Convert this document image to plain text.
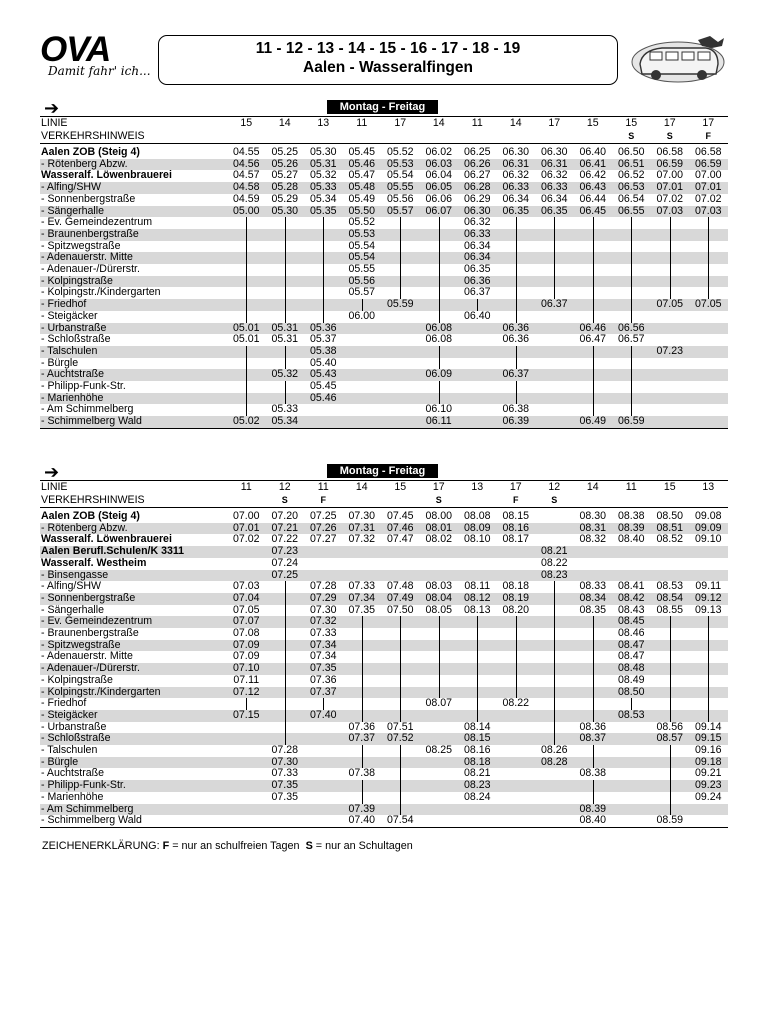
OVA
Damit fahr' ich...
11 - 12 - 13 - 14 - 15 - 16 - 17 - 18 - 19
Aalen - Wasseralfingen
➔	Montag - Freitag
LINIE	15	14	13	11	17	14	11	14	17	15	15	17	17
VERKEHRSHINWEIS											S	S	F

Aalen ZOB (Steig 4)	04.55	05.25	05.30	05.45	05.52	06.02	06.25	06.30	06.30	06.40	06.50	06.58	06.58
- Rötenberg Abzw.	04.56	05.26	05.31	05.46	05.53	06.03	06.26	06.31	06.31	06.41	06.51	06.59	06.59
Wasseralf. Löwenbrauerei	04.57	05.27	05.32	05.47	05.54	06.04	06.27	06.32	06.32	06.42	06.52	07.00	07.00
- Alfing/SHW	04.58	05.28	05.33	05.48	05.55	06.05	06.28	06.33	06.33	06.43	06.53	07.01	07.01
- Sonnenbergstraße	04.59	05.29	05.34	05.49	05.56	06.06	06.29	06.34	06.34	06.44	06.54	07.02	07.02
- Sängerhalle	05.00	05.30	05.35	05.50	05.57	06.07	06.30	06.35	06.35	06.45	06.55	07.03	07.03
- Ev. Gemeindezentrum				05.52			06.32						
- Braunenbergstraße				05.53			06.33						
- Spitzwegstraße				05.54			06.34						
- Adenauerstr. Mitte				05.54			06.34						
- Adenauer-/Dürerstr.				05.55			06.35						
- Kolpingstraße				05.56			06.36						
- Kolpingstr./Kindergarten				05.57			06.37						
- Friedhof					05.59				06.37			07.05	07.05
- Steigäcker				06.00			06.40						
- Urbanstraße	05.01	05.31	05.36			06.08		06.36		06.46	06.56		
- Schloßstraße	05.01	05.31	05.37			06.08		06.36		06.47	06.57		
- Talschulen			05.38									07.23	
- Bürgle			05.40										
- Auchtstraße		05.32	05.43			06.09		06.37					
- Philipp-Funk-Str.			05.45										
- Marienhöhe			05.46										
- Am Schimmelberg		05.33				06.10		06.38					
- Schimmelberg Wald	05.02	05.34				06.11		06.39		06.49	06.59		
➔	Montag - Freitag
LINIE	11	12	11	14	15	17	13	17	12	14	11	15	13
VERKEHRSHINWEIS		S	F			S		F	S				

Aalen ZOB (Steig 4)	07.00	07.20	07.25	07.30	07.45	08.00	08.08	08.15		08.30	08.38	08.50	09.08
- Rötenberg Abzw.	07.01	07.21	07.26	07.31	07.46	08.01	08.09	08.16		08.31	08.39	08.51	09.09
Wasseralf. Löwenbrauerei	07.02	07.22	07.27	07.32	07.47	08.02	08.10	08.17		08.32	08.40	08.52	09.10
Aalen Berufl.Schulen/K 3311		07.23							08.21				
Wasseralf. Westheim		07.24							08.22				
- Binsengasse		07.25							08.23				
- Alfing/SHW	07.03		07.28	07.33	07.48	08.03	08.11	08.18		08.33	08.41	08.53	09.11
- Sonnenbergstraße	07.04		07.29	07.34	07.49	08.04	08.12	08.19		08.34	08.42	08.54	09.12
- Sängerhalle	07.05		07.30	07.35	07.50	08.05	08.13	08.20		08.35	08.43	08.55	09.13
- Ev. Gemeindezentrum	07.07		07.32								08.45		
- Braunenbergstraße	07.08		07.33								08.46		
- Spitzwegstraße	07.09		07.34								08.47		
- Adenauerstr. Mitte	07.09		07.34								08.47		
- Adenauer-/Dürerstr.	07.10		07.35								08.48		
- Kolpingstraße	07.11		07.36								08.49		
- Kolpingstr./Kindergarten	07.12		07.37								08.50		
- Friedhof						08.07		08.22					
- Steigäcker	07.15		07.40								08.53		
- Urbanstraße				07.36	07.51		08.14			08.36		08.56	09.14
- Schloßstraße				07.37	07.52		08.15			08.37		08.57	09.15
- Talschulen		07.28				08.25	08.16		08.26				09.16
- Bürgle		07.30					08.18		08.28				09.18
- Auchtstraße		07.33		07.38			08.21			08.38			09.21
- Philipp-Funk-Str.		07.35					08.23						09.23
- Marienhöhe		07.35					08.24						09.24
- Am Schimmelberg				07.39						08.39			
- Schimmelberg Wald				07.40	07.54					08.40		08.59	
ZEICHENERKLÄRUNG: F = nur an schulfreien Tagen S = nur an Schultagen
